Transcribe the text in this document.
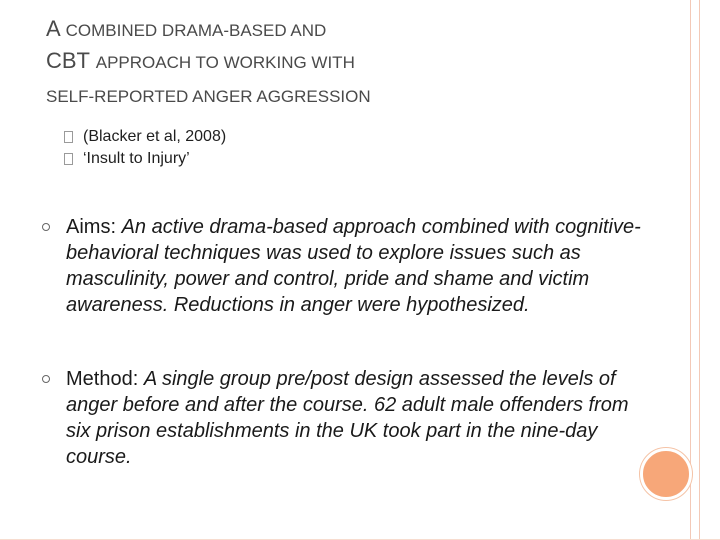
A COMBINED DRAMA-BASED AND
CBT APPROACH TO WORKING WITH
SELF-REPORTED ANGER AGGRESSION
(Blacker et al, 2008)
‘Insult to Injury’
Aims: An active drama-based approach combined with cognitive-behavioral techniques was used to explore issues such as masculinity, power and control, pride and shame and victim awareness. Reductions in anger were hypothesized.
Method: A single group pre/post design assessed the levels of anger before and after the course. 62 adult male offenders from six prison establishments in the UK took part in the nine-day course.
